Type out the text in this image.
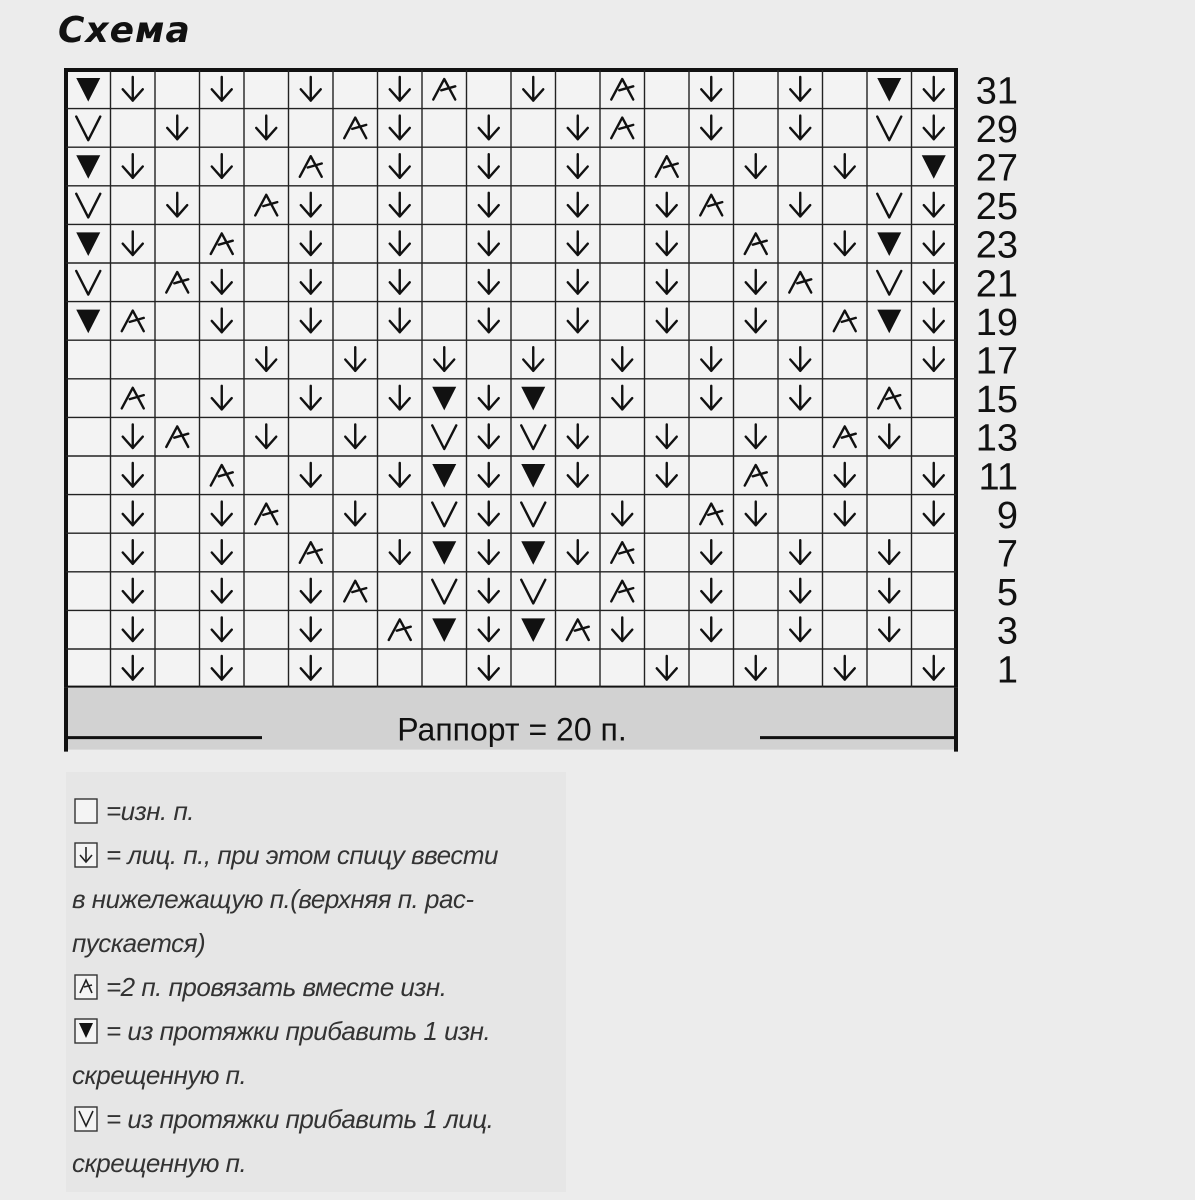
Схема
31
29
27
25
23
21
19
17
15
13
11
9
7
5
3
1
Раппорт = 20 п.
=изн. п.
= лиц. п., при этом спицу ввести
в нижележащую п.(верхняя п. рас-
пускается)
=2 п. провязать вместе изн.
= из протяжки прибавить 1 изн.
скрещенную п.
= из протяжки прибавить 1 лиц.
скрещенную п.
